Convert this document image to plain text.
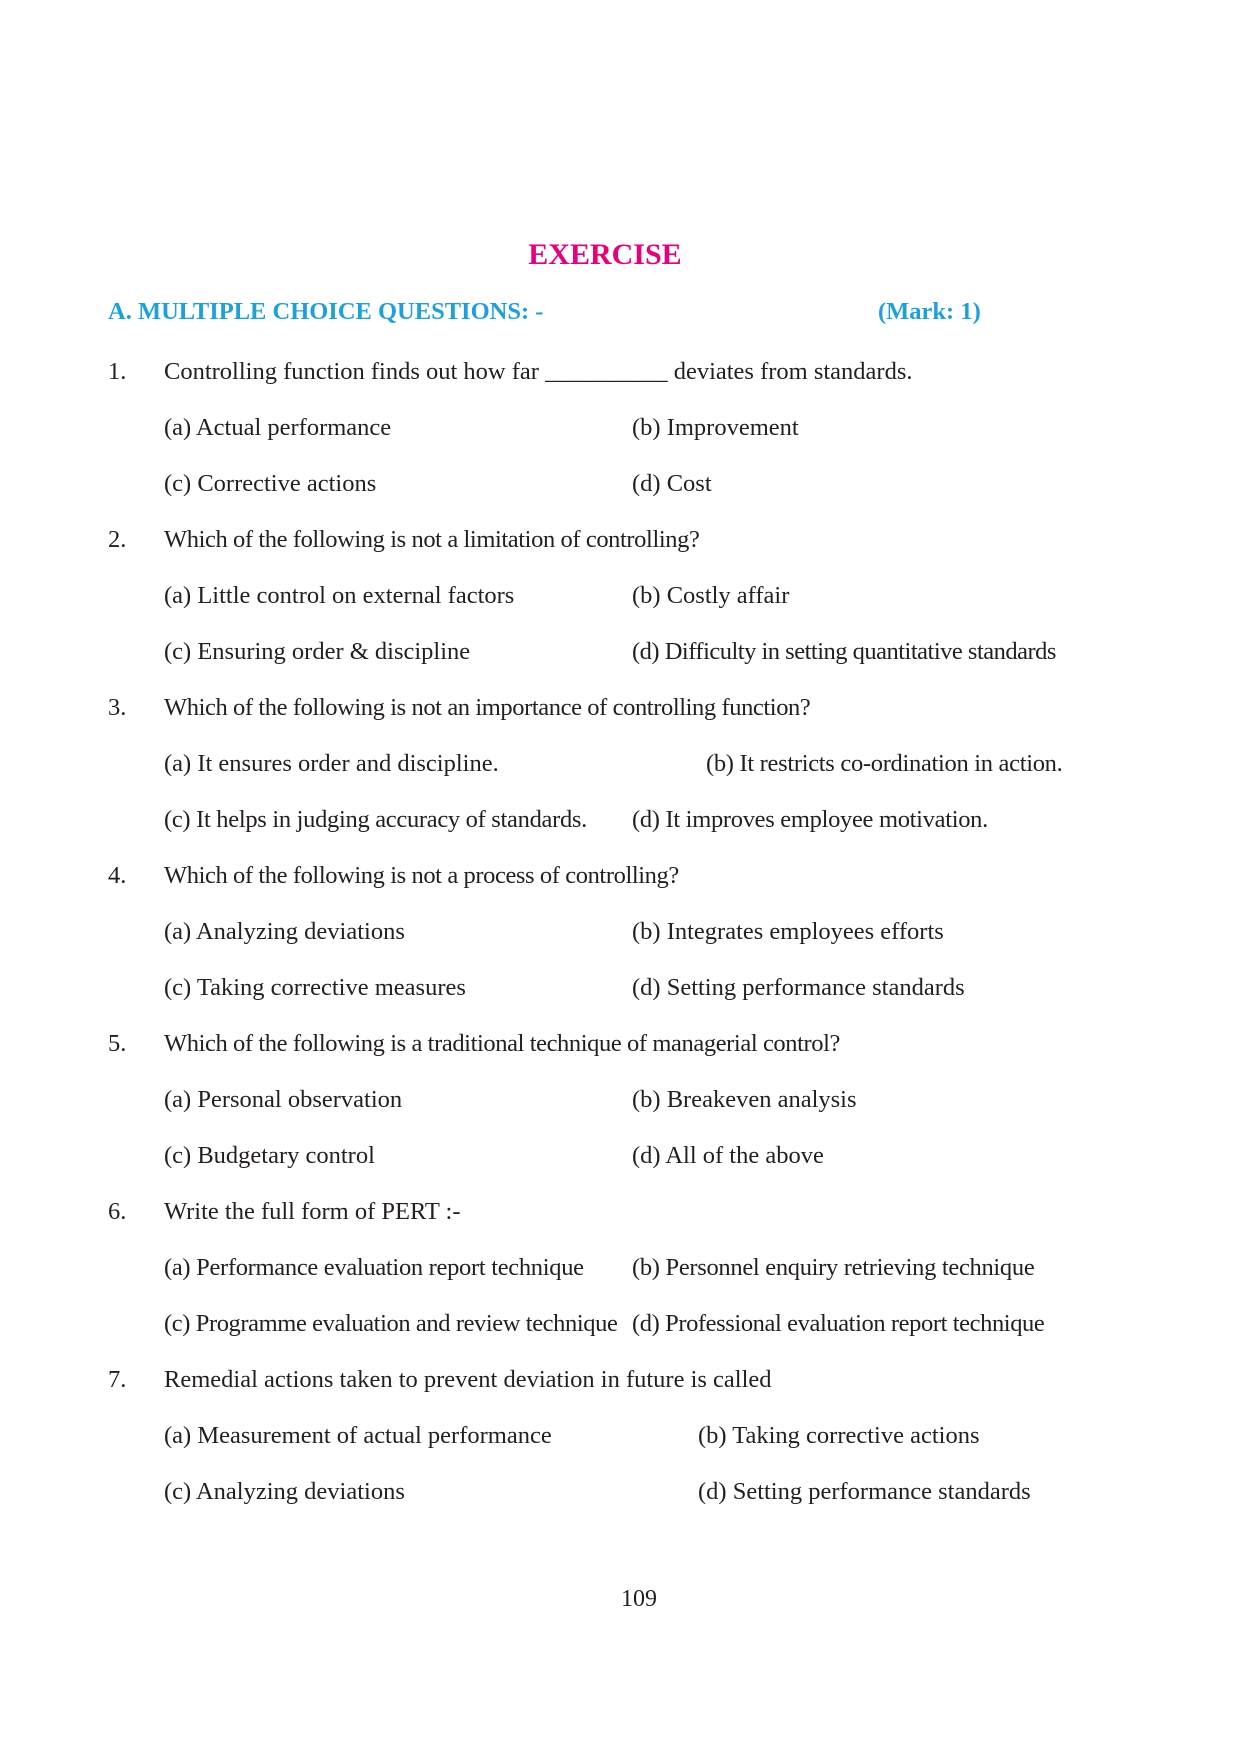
EXERCISE
A. MULTIPLE CHOICE QUESTIONS: -	(Mark: 1)
1. Controlling function finds out how far __________ deviates from standards.
(a) Actual performance	(b) Improvement
(c) Corrective actions	(d) Cost
2. Which of the following is not a limitation of controlling?
(a) Little control on external factors	(b) Costly affair
(c) Ensuring order & discipline	(d) Difficulty in setting quantitative standards
3. Which of the following is not an importance of controlling function?
(a) It ensures order and discipline.	(b) It restricts co-ordination in action.
(c) It helps in judging accuracy of standards. (d) It improves employee motivation.
4. Which of the following is not a process of controlling?
(a) Analyzing deviations	(b) Integrates employees efforts
(c) Taking corrective measures	(d) Setting performance standards
5. Which of the following is a traditional technique of managerial control?
(a) Personal observation	(b) Breakeven analysis
(c) Budgetary control	(d) All of the above
6. Write the full form of PERT :-
(a) Performance evaluation report technique (b) Personnel enquiry retrieving technique
(c) Programme evaluation and review technique (d) Professional evaluation report technique
7. Remedial actions taken to prevent deviation in future is called
(a) Measurement of actual performance	(b) Taking corrective actions
(c) Analyzing deviations	(d) Setting performance standards
109
